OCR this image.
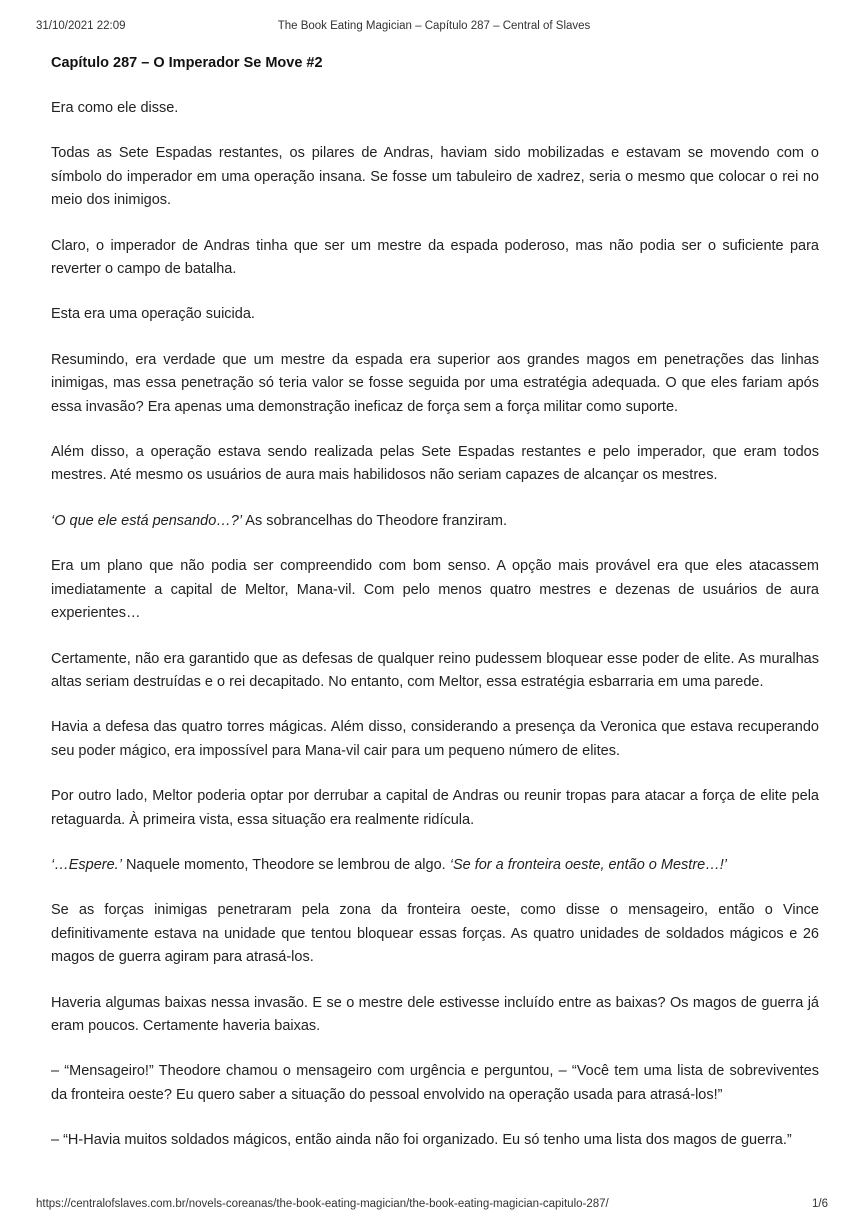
31/10/2021 22:09	The Book Eating Magician – Capítulo 287 – Central of Slaves
Capítulo 287 – O Imperador Se Move #2

Era como ele disse.

Todas as Sete Espadas restantes, os pilares de Andras, haviam sido mobilizadas e estavam se movendo com o símbolo do imperador em uma operação insana. Se fosse um tabuleiro de xadrez, seria o mesmo que colocar o rei no meio dos inimigos.

Claro, o imperador de Andras tinha que ser um mestre da espada poderoso, mas não podia ser o suficiente para reverter o campo de batalha.

Esta era uma operação suicida.

Resumindo, era verdade que um mestre da espada era superior aos grandes magos em penetrações das linhas inimigas, mas essa penetração só teria valor se fosse seguida por uma estratégia adequada. O que eles fariam após essa invasão? Era apenas uma demonstração ineficaz de força sem a força militar como suporte.

Além disso, a operação estava sendo realizada pelas Sete Espadas restantes e pelo imperador, que eram todos mestres. Até mesmo os usuários de aura mais habilidosos não seriam capazes de alcançar os mestres.

‘O que ele está pensando…?’ As sobrancelhas do Theodore franziram.

Era um plano que não podia ser compreendido com bom senso. A opção mais provável era que eles atacassem imediatamente a capital de Meltor, Mana-vil. Com pelo menos quatro mestres e dezenas de usuários de aura experientes…

Certamente, não era garantido que as defesas de qualquer reino pudessem bloquear esse poder de elite. As muralhas altas seriam destruídas e o rei decapitado. No entanto, com Meltor, essa estratégia esbarraria em uma parede.

Havia a defesa das quatro torres mágicas. Além disso, considerando a presença da Veronica que estava recuperando seu poder mágico, era impossível para Mana-vil cair para um pequeno número de elites.

Por outro lado, Meltor poderia optar por derrubar a capital de Andras ou reunir tropas para atacar a força de elite pela retaguarda. À primeira vista, essa situação era realmente ridícula.

‘…Espere.’ Naquele momento, Theodore se lembrou de algo. ‘Se for a fronteira oeste, então o Mestre…!’

Se as forças inimigas penetraram pela zona da fronteira oeste, como disse o mensageiro, então o Vince definitivamente estava na unidade que tentou bloquear essas forças. As quatro unidades de soldados mágicos e 26 magos de guerra agiram para atrasá-los.

Haveria algumas baixas nessa invasão. E se o mestre dele estivesse incluído entre as baixas? Os magos de guerra já eram poucos. Certamente haveria baixas.

– “Mensageiro!” Theodore chamou o mensageiro com urgência e perguntou, – “Você tem uma lista de sobreviventes da fronteira oeste? Eu quero saber a situação do pessoal envolvido na operação usada para atrasá-los!”

– “H-Havia muitos soldados mágicos, então ainda não foi organizado. Eu só tenho uma lista dos magos de guerra.”

https://centralofslaves.com.br/novels-coreanas/the-book-eating-magician/the-book-eating-magician-capitulo-287/	1/6
